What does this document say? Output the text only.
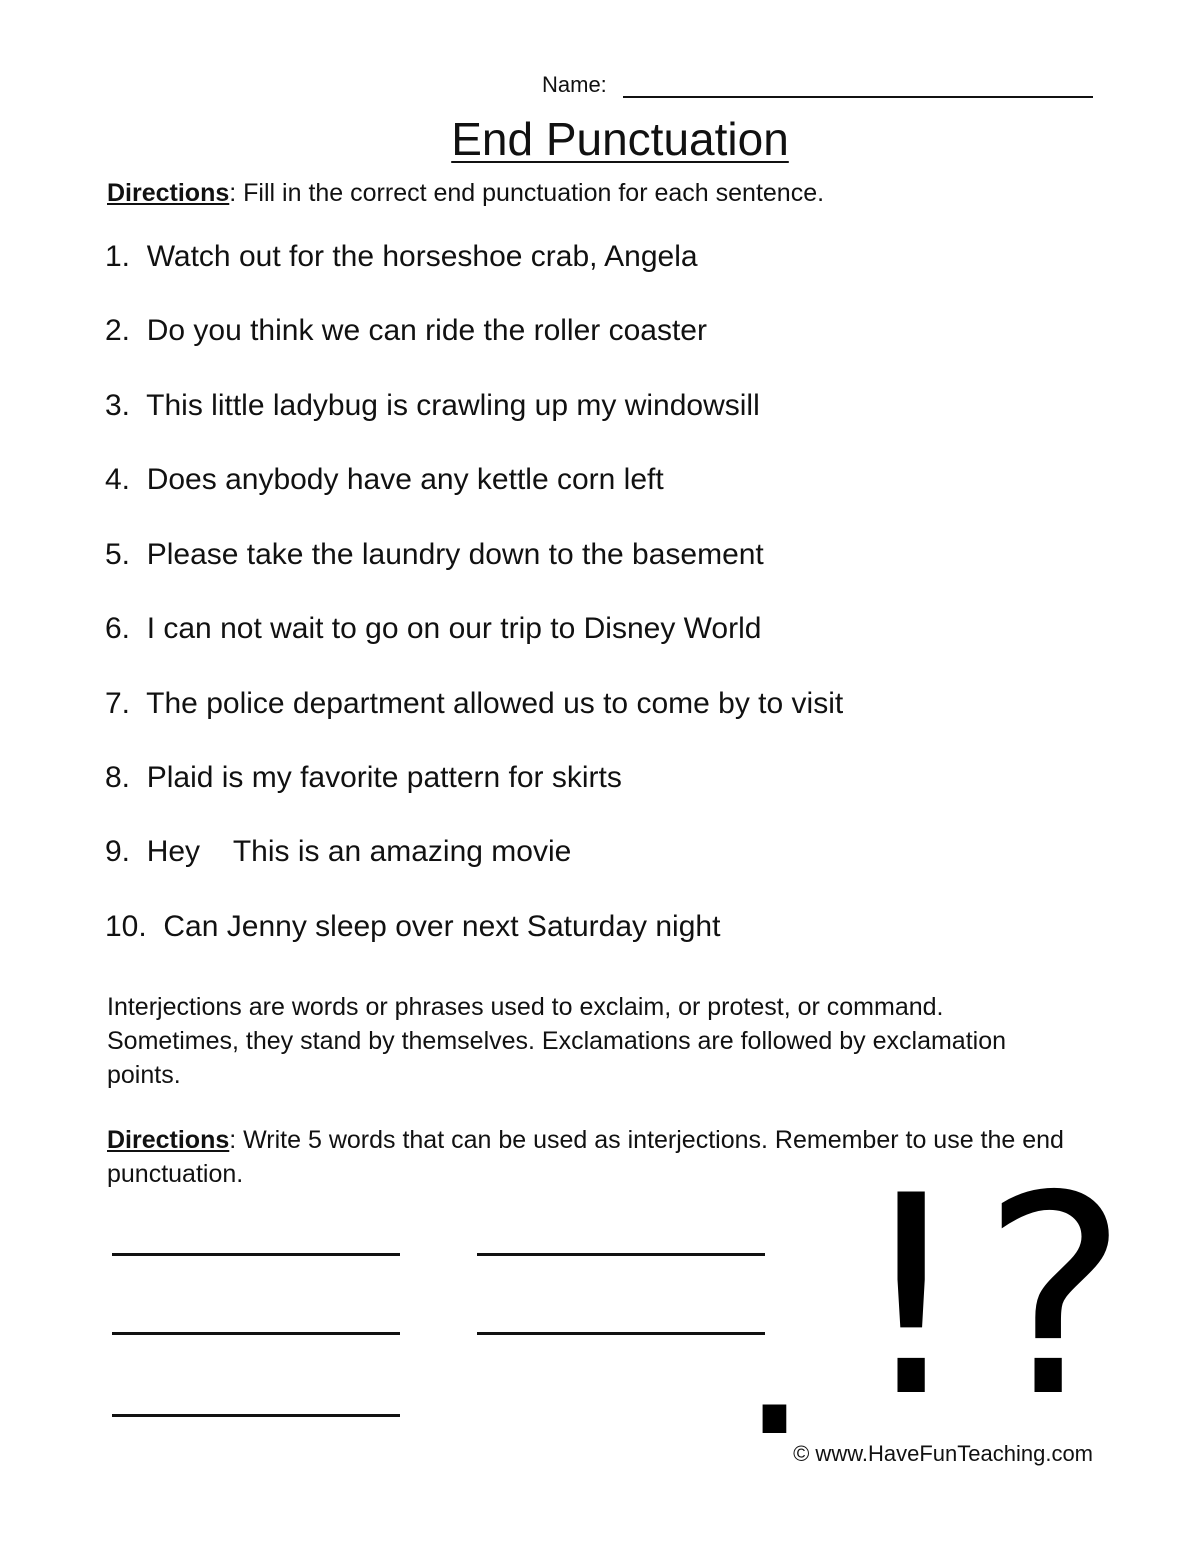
Name:
End Punctuation
Directions: Fill in the correct end punctuation for each sentence.
1. Watch out for the horseshoe crab, Angela
2. Do you think we can ride the roller coaster
3. This little ladybug is crawling up my windowsill
4. Does anybody have any kettle corn left
5. Please take the laundry down to the basement
6. I can not wait to go on our trip to Disney World
7. The police department allowed us to come by to visit
8. Plaid is my favorite pattern for skirts
9. Hey    This is an amazing movie
10. Can Jenny sleep over next Saturday night
Interjections are words or phrases used to exclaim, or protest, or command. Sometimes, they stand by themselves. Exclamations are followed by exclamation points.
Directions: Write 5 words that can be used as interjections. Remember to use the end punctuation.
. ! ?
© www.HaveFunTeaching.com
